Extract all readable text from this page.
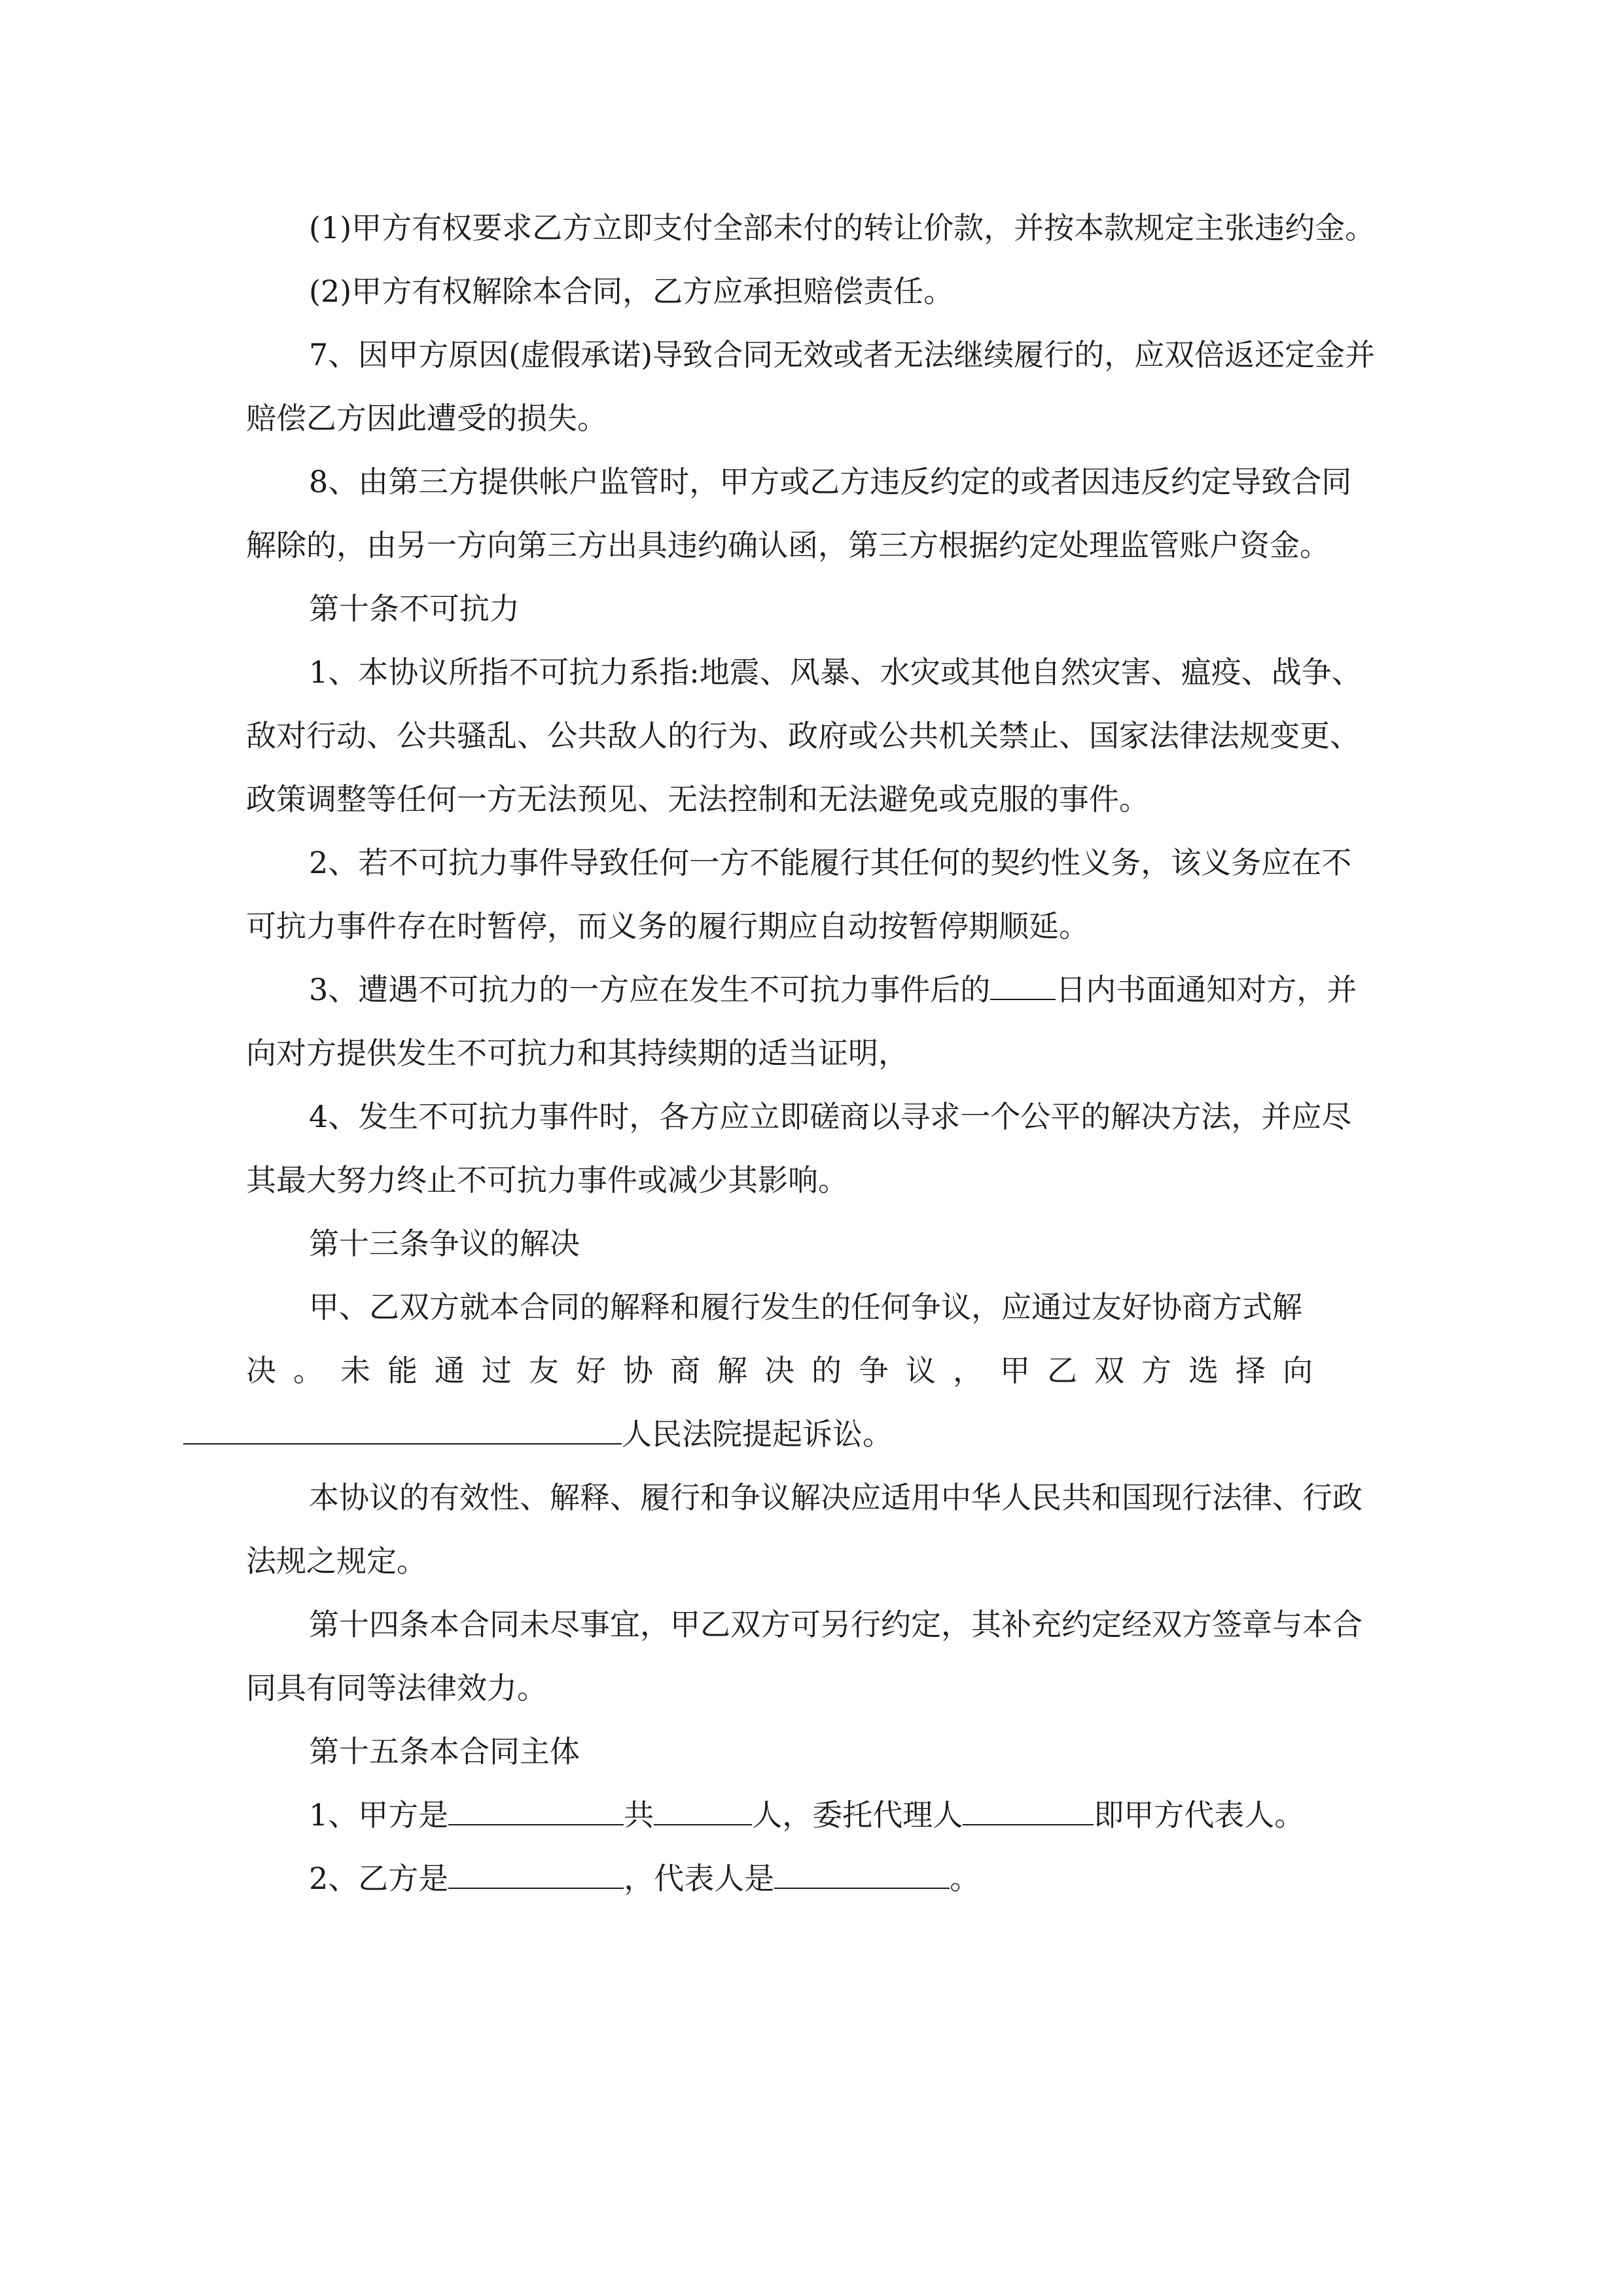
(1)甲方有权要求乙方立即支付全部未付的转让价款，并按本款规定主张违约金。

(2)甲方有权解除本合同，乙方应承担赔偿责任。

7、因甲方原因(虚假承诺)导致合同无效或者无法继续履行的，应双倍返还定金并赔偿乙方因此遭受的损失。

8、由第三方提供帐户监管时，甲方或乙方违反约定的或者因违反约定导致合同解除的，由另一方向第三方出具违约确认函，第三方根据约定处理监管账户资金。

第十条不可抗力

1、本协议所指不可抗力系指:地震、风暴、水灾或其他自然灾害、瘟疫、战争、敌对行动、公共骚乱、公共敌人的行为、政府或公共机关禁止、国家法律法规变更、政策调整等任何一方无法预见、无法控制和无法避免或克服的事件。

2、若不可抗力事件导致任何一方不能履行其任何的契约性义务，该义务应在不可抗力事件存在时暂停，而义务的履行期应自动按暂停期顺延。

3、遭遇不可抗力的一方应在发生不可抗力事件后的 日内书面通知对方，并向对方提供发生不可抗力和其持续期的适当证明，

4、发生不可抗力事件时，各方应立即磋商以寻求一个公平的解决方法，并应尽其最大努力终止不可抗力事件或减少其影响。

第十三条争议的解决

甲、乙双方就本合同的解释和履行发生的任何争议，应通过友好协商方式解
决。未能通过友好协商解决的争议，甲乙双方选择向
人民法院提起诉讼。

本协议的有效性、解释、履行和争议解决应适用中华人民共和国现行法律、行政法规之规定。

第十四条本合同未尽事宜，甲乙双方可另行约定，其补充约定经双方签章与本合同具有同等法律效力。

第十五条本合同主体

1、甲方是	共	人，委托代理人	即甲方代表人。

2、乙方是	，代表人是	。
